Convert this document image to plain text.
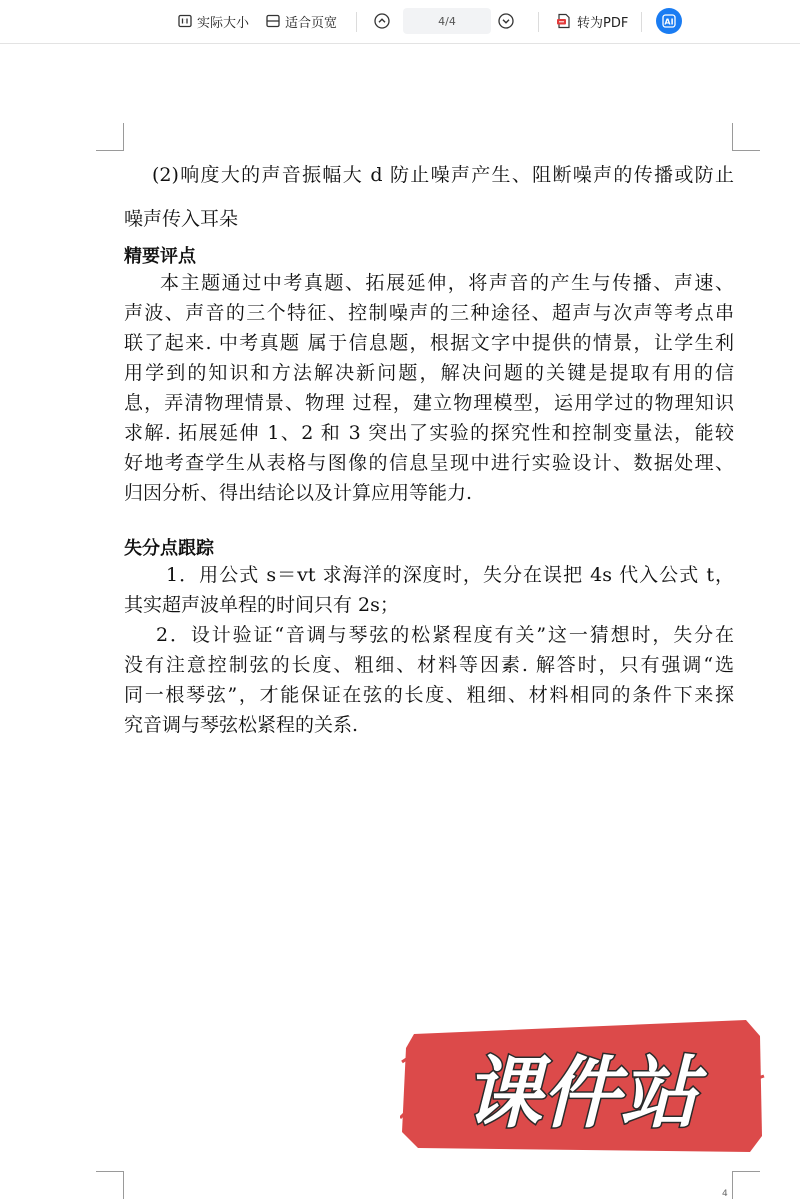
实际大小	适合页宽
4/4	转为PDF	AI
(2)响度大的声音振幅大 d 防止噪声产生、阻断噪声的传播或防止
噪声传入耳朵
精要评点
本主题通过中考真题、拓展延伸，将声音的产生与传播、声速、
声波、声音的三个特征、控制噪声的三种途径、超声与次声等考点串
联了起来. 中考真题 属于信息题，根据文字中提供的情景，让学生利
用学到的知识和方法解决新问题，解决问题的关键是提取有用的信
息，弄清物理情景、物理 过程，建立物理模型，运用学过的物理知识
求解. 拓展延伸 1、2 和 3 突出了实验的探究性和控制变量法，能较
好地考查学生从表格与图像的信息呈现中进行实验设计、数据处理、
归因分析、得出结论以及计算应用等能力.
失分点跟踪
1．用公式 s＝vt 求海洋的深度时，失分在误把 4s 代入公式 t，
其实超声波单程的时间只有 2s；
2．设计验证“音调与琴弦的松紧程度有关”这一猜想时，失分在
没有注意控制弦的长度、粗细、材料等因素. 解答时，只有强调“选
同一根琴弦”，才能保证在弦的长度、粗细、材料相同的条件下来探
究音调与琴弦松紧程的关系.
4
课件站
